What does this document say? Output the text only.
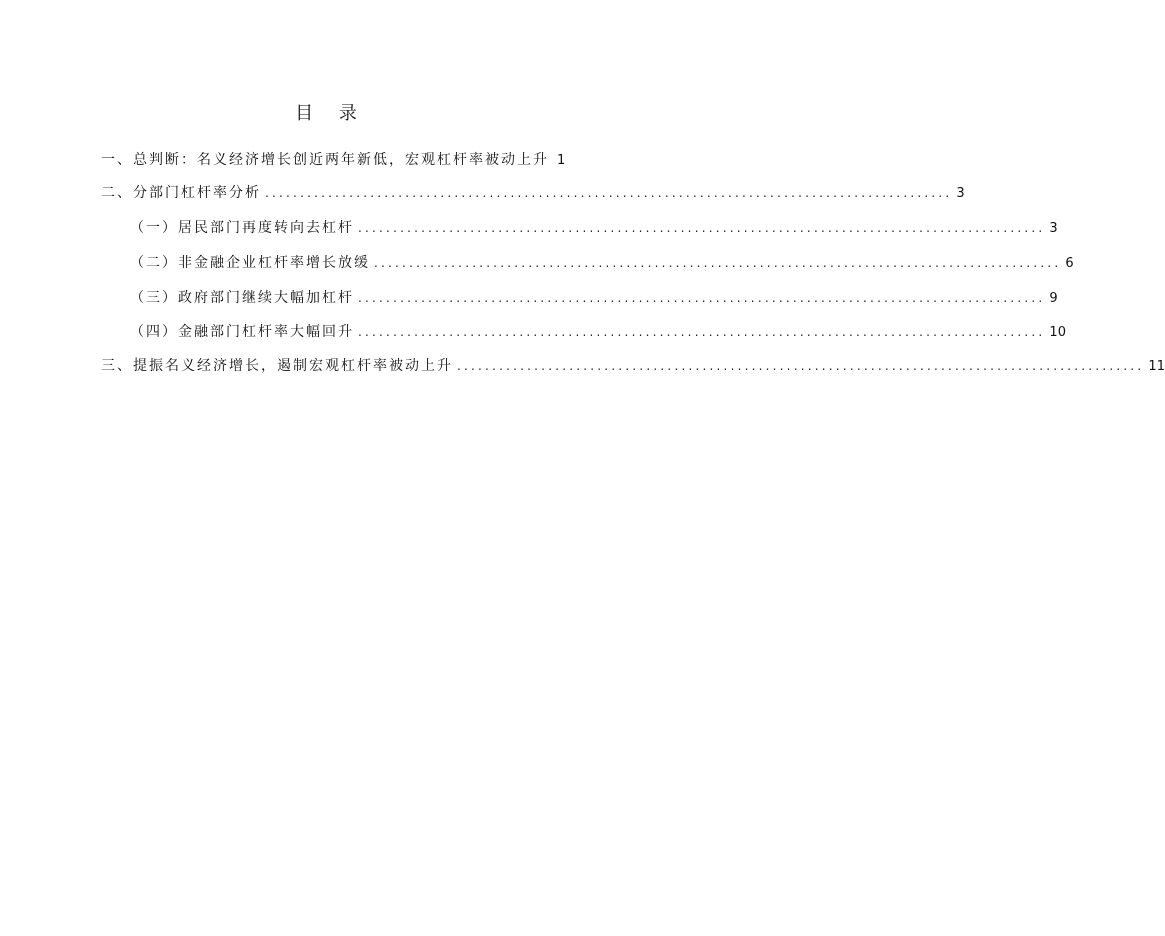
目 录
一、总判断：名义经济增长创近两年新低，宏观杠杆率被动上升 1
二、分部门杠杆率分析 .................................................................................................. 3
（一）居民部门再度转向去杠杆 .................................................................................................. 3
（二）非金融企业杠杆率增长放缓 .................................................................................................. 6
（三）政府部门继续大幅加杠杆 .................................................................................................. 9
（四）金融部门杠杆率大幅回升 .................................................................................................. 10
三、提振名义经济增长，遏制宏观杠杆率被动上升 .................................................................................................. 11
